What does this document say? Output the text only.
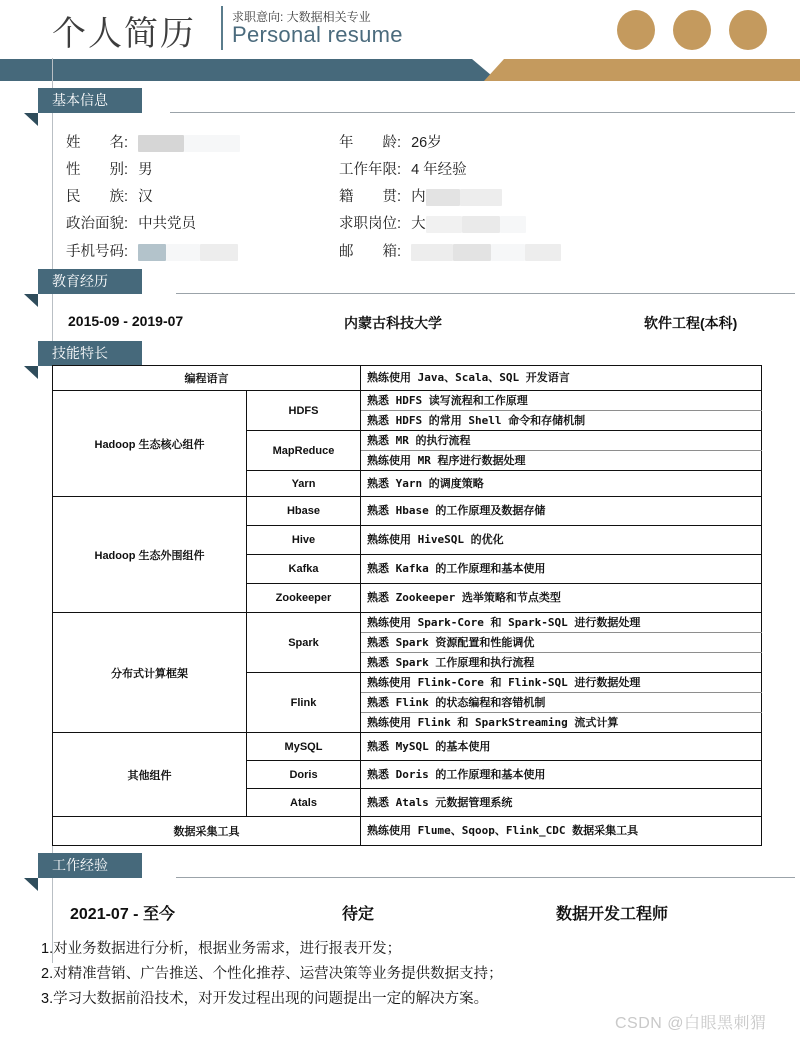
个人简历	求职意向: 大数据相关专业
Personal resume
基本信息
姓　　名:
性　　别: 男
民　　族: 汉
政治面貌: 中共党员
手机号码:
年　　龄: 26岁
工作年限: 4 年经验
籍　　贯: 内
求职岗位: 大
邮　　箱:
教育经历
2015-09 - 2019-07	内蒙古科技大学	软件工程(本科)
技能特长
编程语言		熟练使用 Java、Scala、SQL 开发语言
Hadoop 生态核心组件	HDFS	熟悉 HDFS 读写流程和工作原理
		熟悉 HDFS 的常用 Shell 命令和存储机制
	MapReduce	熟悉 MR 的执行流程
		熟练使用 MR 程序进行数据处理
	Yarn	熟悉 Yarn 的调度策略
Hadoop 生态外围组件	Hbase	熟悉 Hbase 的工作原理及数据存储
	Hive	熟练使用 HiveSQL 的优化
	Kafka	熟悉 Kafka 的工作原理和基本使用
	Zookeeper	熟悉 Zookeeper 选举策略和节点类型
分布式计算框架	Spark	熟练使用 Spark-Core 和 Spark-SQL 进行数据处理
		熟悉 Spark 资源配置和性能调优
		熟悉 Spark 工作原理和执行流程
	Flink	熟练使用 Flink-Core 和 Flink-SQL 进行数据处理
		熟悉 Flink 的状态编程和容错机制
		熟练使用 Flink 和 SparkStreaming 流式计算
其他组件	MySQL	熟悉 MySQL 的基本使用
	Doris	熟悉 Doris 的工作原理和基本使用
	Atals	熟悉 Atals 元数据管理系统
数据采集工具		熟练使用 Flume、Sqoop、Flink_CDC 数据采集工具
工作经验
2021-07 - 至今	待定	数据开发工程师
1.对业务数据进行分析，根据业务需求，进行报表开发；
2.对精准营销、广告推送、个性化推荐、运营决策等业务提供数据支持；
3.学习大数据前沿技术，对开发过程出现的问题提出一定的解决方案。
CSDN @白眼黑刺猬
